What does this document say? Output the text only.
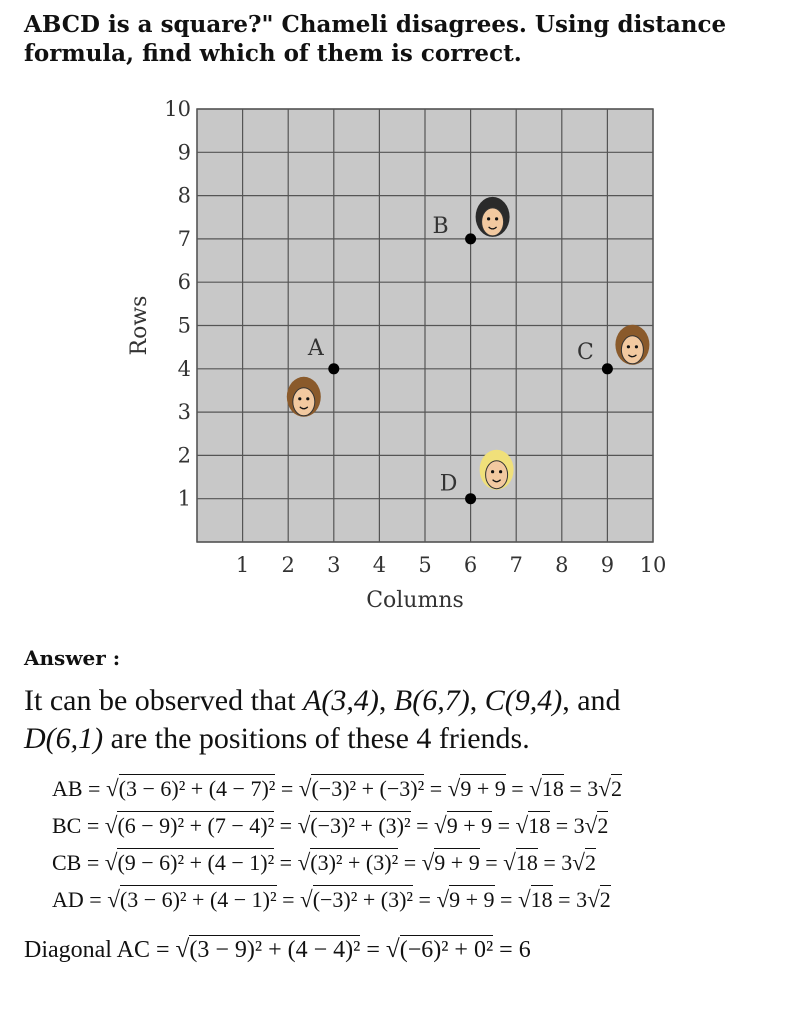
ABCD is a square?" Chameli disagrees. Using distance
formula, find which of them is correct.
1 2 3 4 5 6 7 8 9 10
1
2
3
4
5
6
7
8
9
10
Columns
Rows	A
B
C
D
Answer :
It can be observed that A(3,4), B(6,7), C(9,4), and
D(6,1) are the positions of these 4 friends.
AB = √(3 − 6)² + (4 − 7)² = √(−3)² + (−3)² = √9 + 9 = √18 = 3√2
BC = √(6 − 9)² + (7 − 4)² = √(−3)² + (3)² = √9 + 9 = √18 = 3√2
CB = √(9 − 6)² + (4 − 1)² = √(3)² + (3)² = √9 + 9 = √18 = 3√2
AD = √(3 − 6)² + (4 − 1)² = √(−3)² + (3)² = √9 + 9 = √18 = 3√2
Diagonal AC = √(3 − 9)² + (4 − 4)² = √(−6)² + 0² = 6
